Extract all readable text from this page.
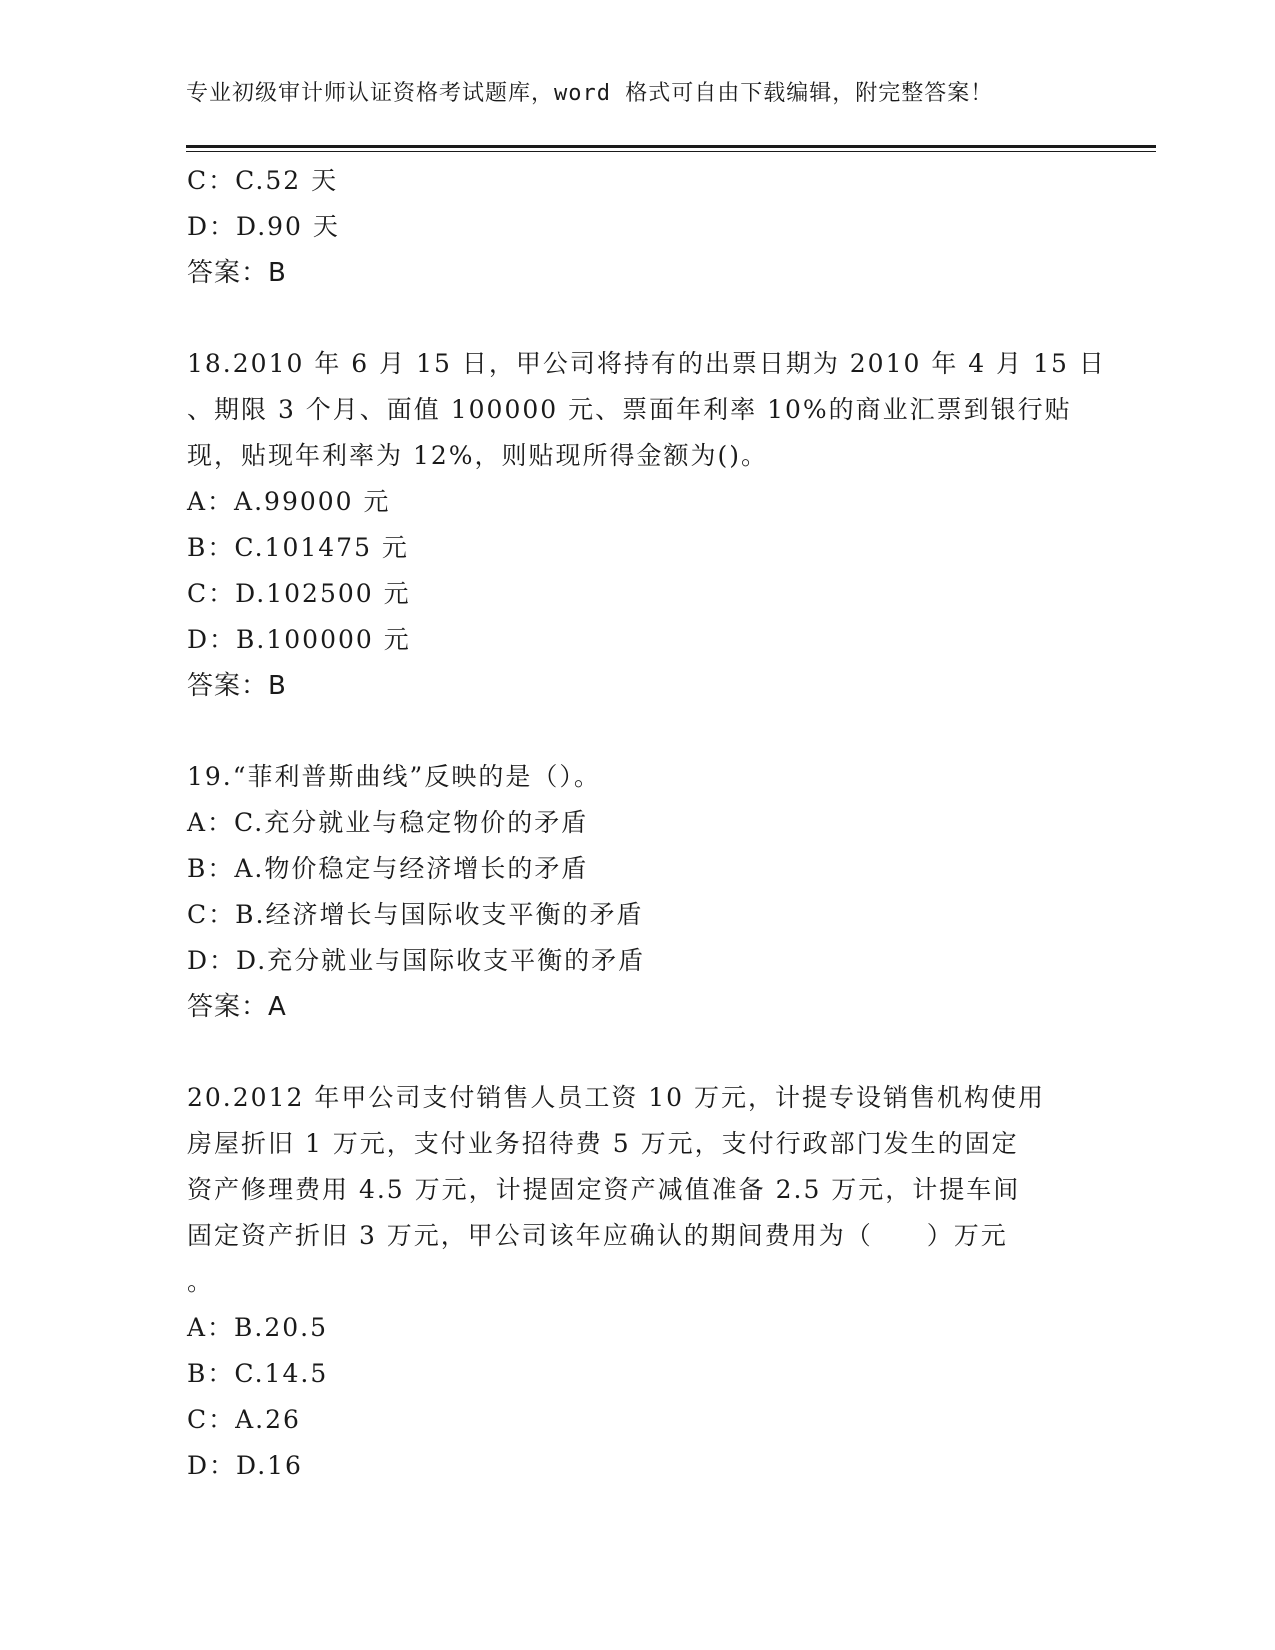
专业初级审计师认证资格考试题库，word 格式可自由下载编辑，附完整答案！
C：C.52 天
D：D.90 天
答案：B
18.2010 年 6 月 15 日，甲公司将持有的出票日期为 2010 年 4 月 15 日
、期限 3 个月、面值 100000 元、票面年利率 10%的商业汇票到银行贴
现，贴现年利率为 12%，则贴现所得金额为()。
A：A.99000 元
B：C.101475 元
C：D.102500 元
D：B.100000 元
答案：B
19.“菲利普斯曲线”反映的是（）。
A：C.充分就业与稳定物价的矛盾
B：A.物价稳定与经济增长的矛盾
C：B.经济增长与国际收支平衡的矛盾
D：D.充分就业与国际收支平衡的矛盾
答案：A
20.2012 年甲公司支付销售人员工资 10 万元，计提专设销售机构使用
房屋折旧 1 万元，支付业务招待费 5 万元，支付行政部门发生的固定
资产修理费用 4.5 万元，计提固定资产减值准备 2.5 万元，计提车间
固定资产折旧 3 万元，甲公司该年应确认的期间费用为（　　）万元
。
A：B.20.5
B：C.14.5
C：A.26
D：D.16
